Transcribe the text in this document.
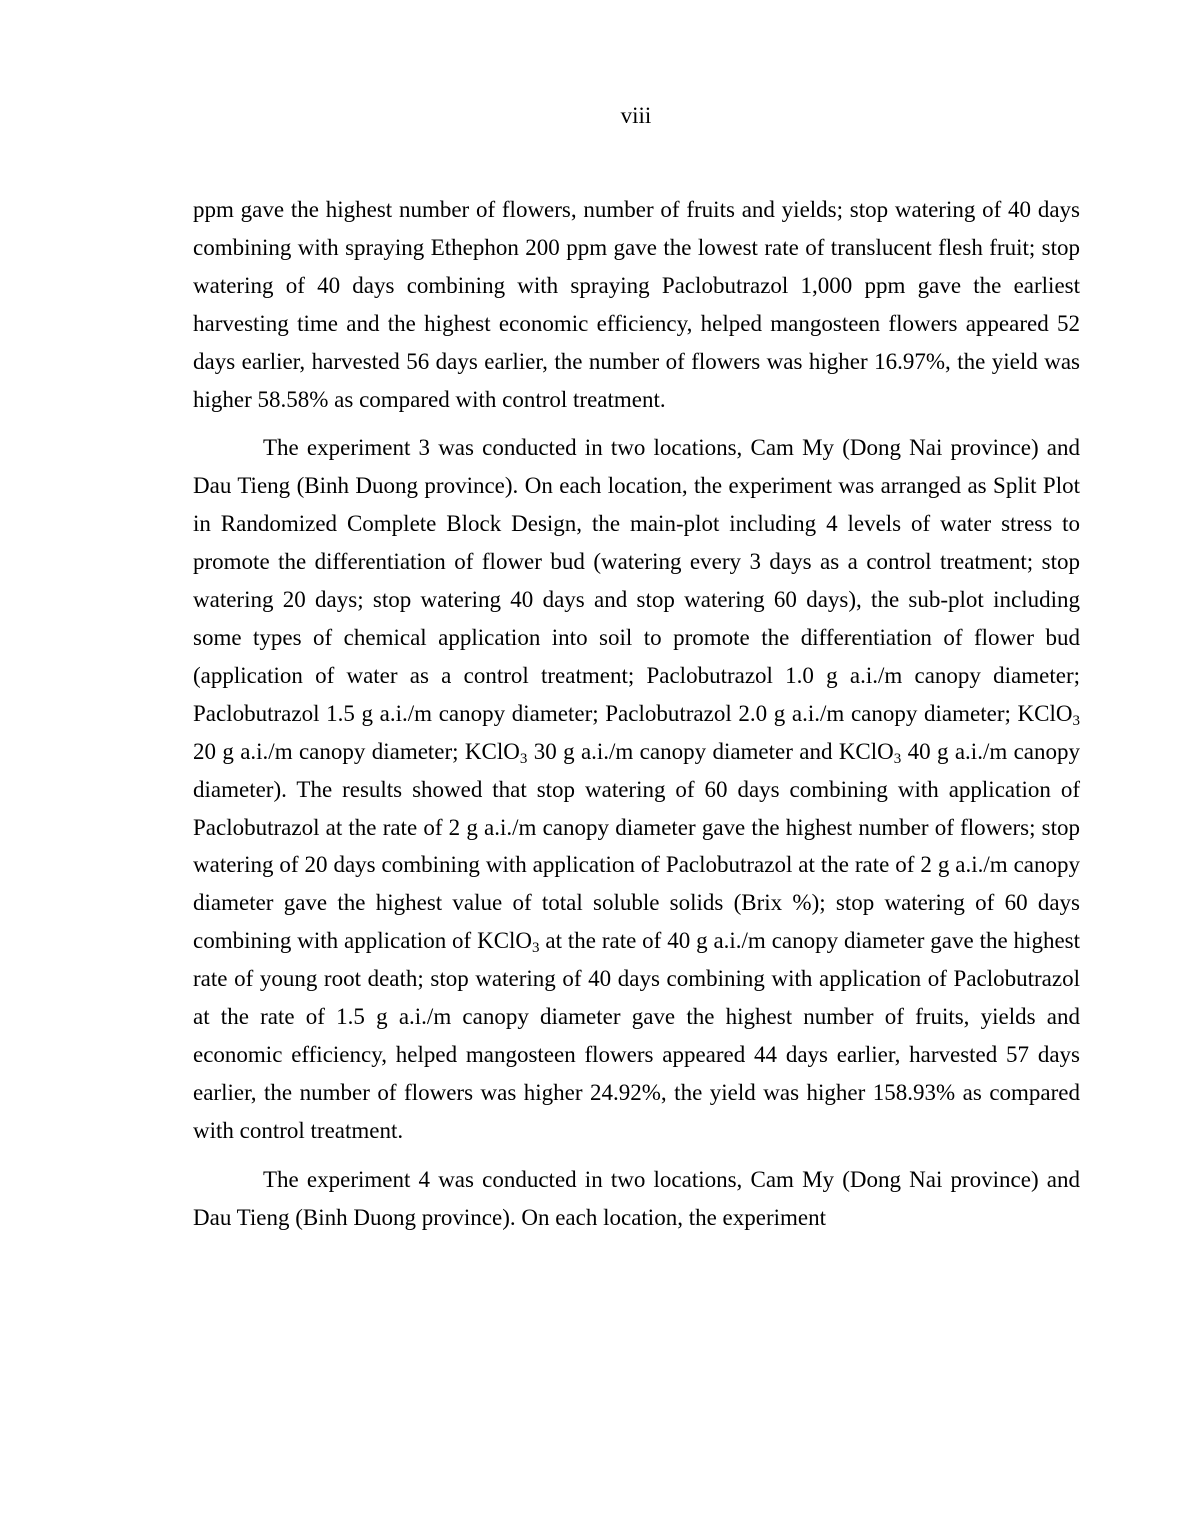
viii

ppm gave the highest number of flowers, number of fruits and yields; stop watering of 40 days combining with spraying Ethephon 200 ppm gave the lowest rate of translucent flesh fruit; stop watering of 40 days combining with spraying Paclobutrazol 1,000 ppm gave the earliest harvesting time and the highest economic efficiency, helped mangosteen flowers appeared 52 days earlier, harvested 56 days earlier, the number of flowers was higher 16.97%, the yield was higher 58.58% as compared with control treatment.

The experiment 3 was conducted in two locations, Cam My (Dong Nai province) and Dau Tieng (Binh Duong province). On each location, the experiment was arranged as Split Plot in Randomized Complete Block Design, the main-plot including 4 levels of water stress to promote the differentiation of flower bud (watering every 3 days as a control treatment; stop watering 20 days; stop watering 40 days and stop watering 60 days), the sub-plot including some types of chemical application into soil to promote the differentiation of flower bud (application of water as a control treatment; Paclobutrazol 1.0 g a.i./m canopy diameter; Paclobutrazol 1.5 g a.i./m canopy diameter; Paclobutrazol 2.0 g a.i./m canopy diameter; KClO$_3$ 20 g a.i./m canopy diameter; KClO$_3$ 30 g a.i./m canopy diameter and KClO$_3$ 40 g a.i./m canopy diameter). The results showed that stop watering of 60 days combining with application of Paclobutrazol at the rate of 2 g a.i./m canopy diameter gave the highest number of flowers; stop watering of 20 days combining with application of Paclobutrazol at the rate of 2 g a.i./m canopy diameter gave the highest value of total soluble solids (Brix %); stop watering of 60 days combining with application of KClO$_3$ at the rate of 40 g a.i./m canopy diameter gave the highest rate of young root death; stop watering of 40 days combining with application of Paclobutrazol at the rate of 1.5 g a.i./m canopy diameter gave the highest number of fruits, yields and economic efficiency, helped mangosteen flowers appeared 44 days earlier, harvested 57 days earlier, the number of flowers was higher 24.92%, the yield was higher 158.93% as compared with control treatment.

The experiment 4 was conducted in two locations, Cam My (Dong Nai province) and Dau Tieng (Binh Duong province). On each location, the experiment
